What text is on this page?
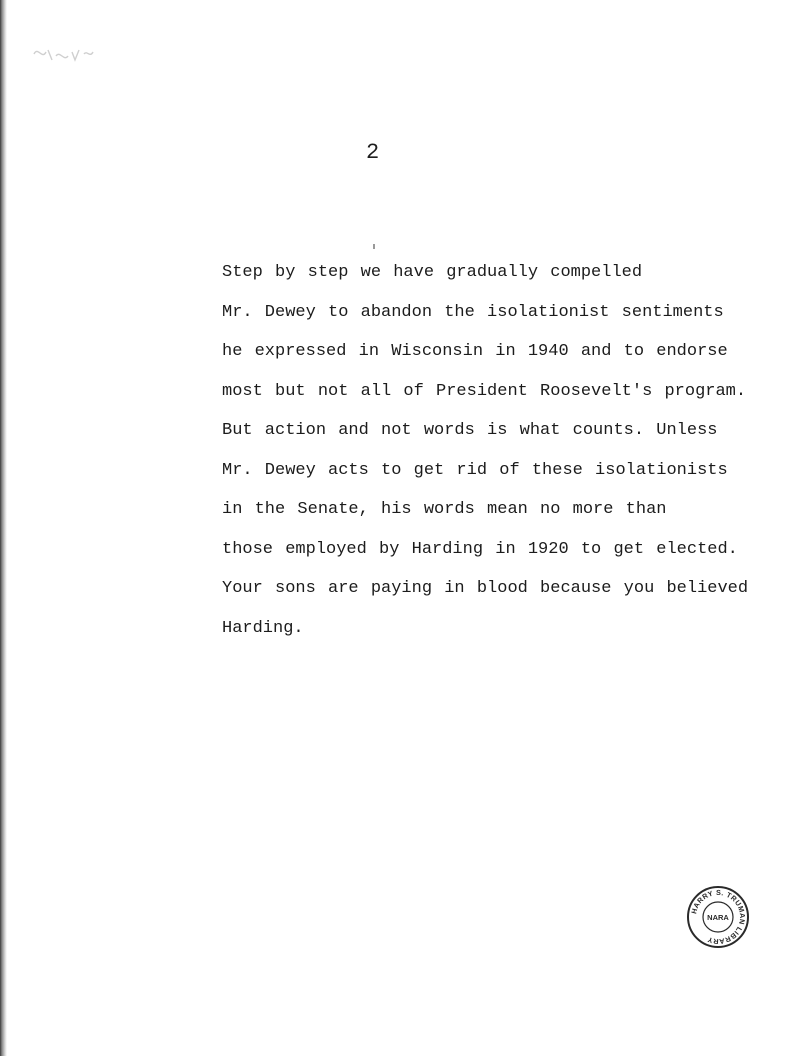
2
Step by step we have gradually compelled
Mr. Dewey to abandon the isolationist sentiments
he expressed in Wisconsin in 1940 and to endorse
most but not all of President Roosevelt's program.
But action and not words is what counts. Unless
Mr. Dewey acts to get rid of these isolationists
in the Senate, his words mean no more than
those employed by Harding in 1920 to get elected.
Your sons are paying in blood because you believed
Harding.
HARRY S. TRUMAN LIBRARY
NARA
